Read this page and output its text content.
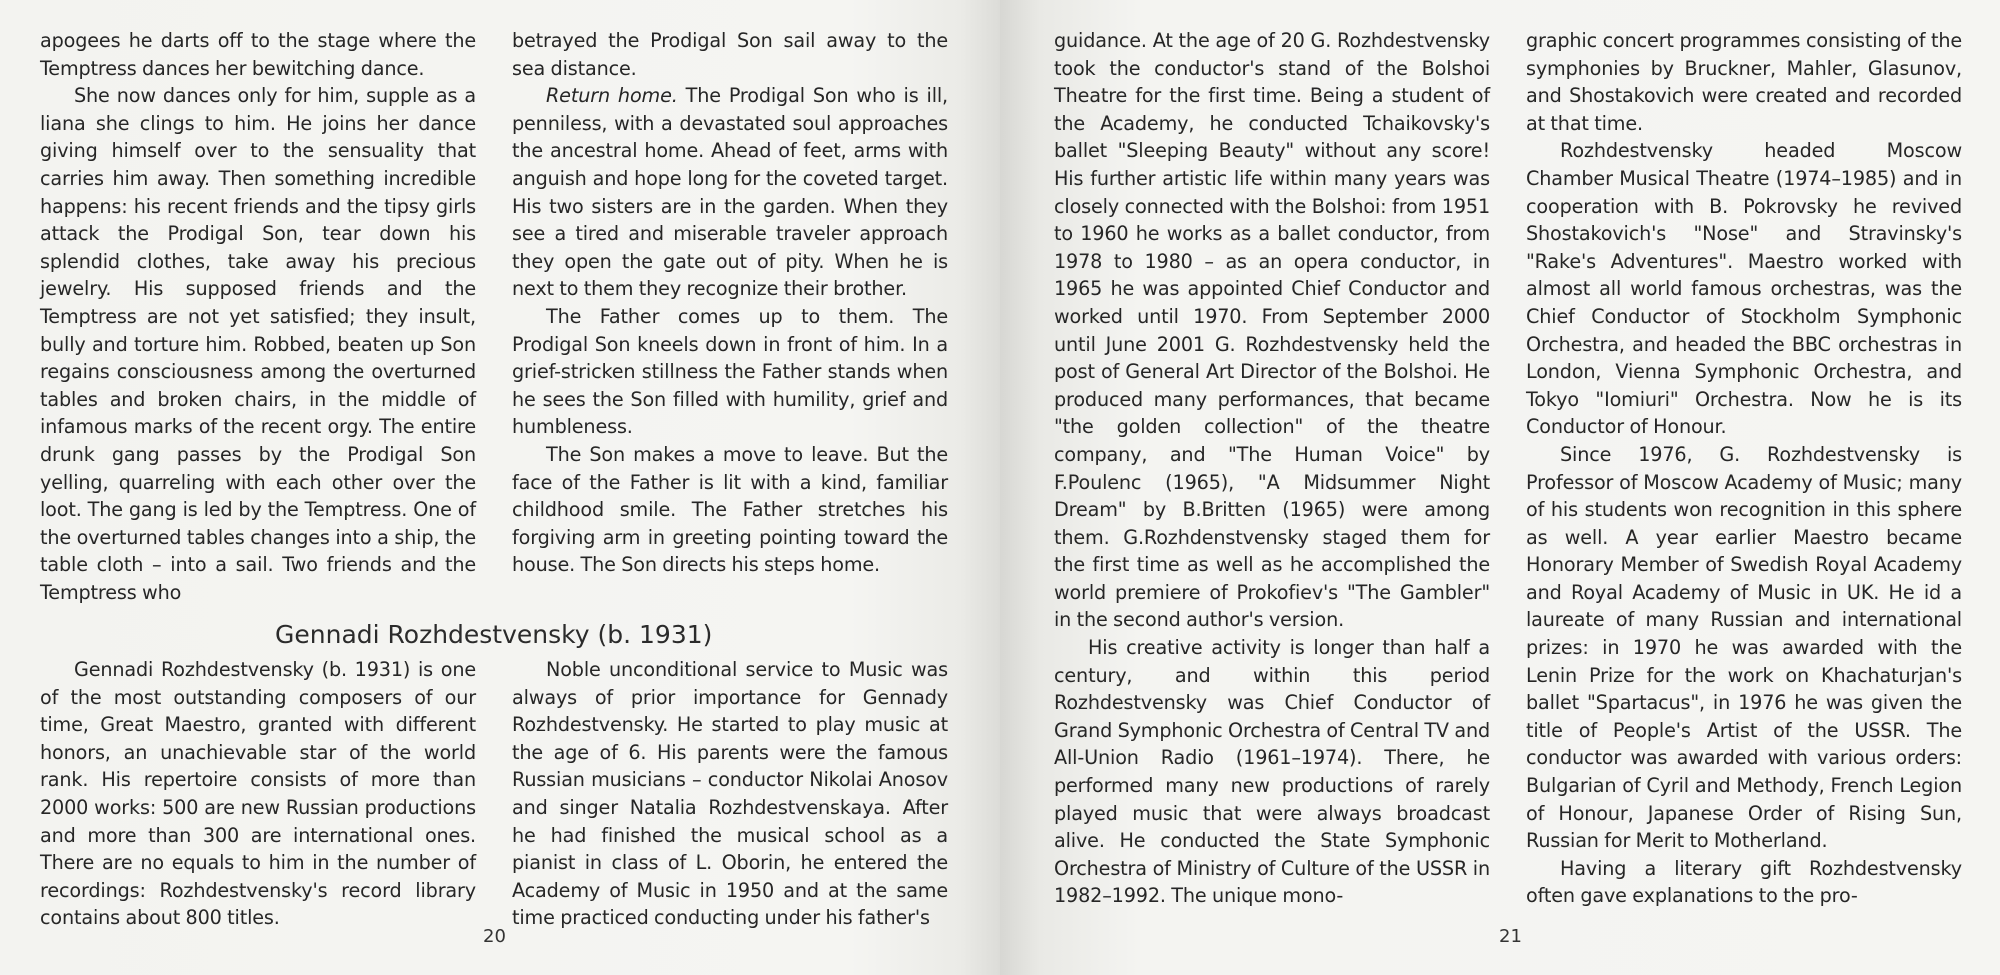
apogees he darts off to the stage where the Temptress dances her bewitching dance.

She now dances only for him, supple as a liana she clings to him. He joins her dance giving himself over to the sensuality that carries him away. Then something incredible happens: his recent friends and the tipsy girls attack the Prodigal Son, tear down his splendid clothes, take away his precious jewelry. His supposed friends and the Temptress are not yet satisfied; they insult, bully and torture him. Robbed, beaten up Son regains consciousness among the overturned tables and broken chairs, in the middle of infamous marks of the recent orgy. The entire drunk gang passes by the Prodigal Son yelling, quarreling with each other over the loot. The gang is led by the Temptress. One of the overturned tables changes into a ship, the table cloth – into a sail. Two friends and the Temptress who

betrayed the Prodigal Son sail away to the sea distance.

Return home. The Prodigal Son who is ill, penniless, with a devastated soul approaches the ancestral home. Ahead of feet, arms with anguish and hope long for the coveted target. His two sisters are in the garden. When they see a tired and miserable traveler approach they open the gate out of pity. When he is next to them they recognize their brother.

The Father comes up to them. The Prodigal Son kneels down in front of him. In a grief-stricken stillness the Father stands when he sees the Son filled with humility, grief and humbleness.

The Son makes a move to leave. But the face of the Father is lit with a kind, familiar childhood smile. The Father stretches his forgiving arm in greeting pointing toward the house. The Son directs his steps home.

Gennadi Rozhdestvensky (b. 1931)

Gennadi Rozhdestvensky (b. 1931) is one of the most outstanding composers of our time, Great Maestro, granted with different honors, an unachievable star of the world rank. His repertoire consists of more than 2000 works: 500 are new Russian productions and more than 300 are international ones. There are no equals to him in the number of recordings: Rozhdestvensky's record library contains about 800 titles.

Noble unconditional service to Music was always of prior importance for Gennady Rozhdestvensky. He started to play music at the age of 6. His parents were the famous Russian musicians – conductor Nikolai Anosov and singer Natalia Rozhdestvenskaya. After he had finished the musical school as a pianist in class of L. Oborin, he entered the Academy of Music in 1950 and at the same time practiced conducting under his father's

20

guidance. At the age of 20 G. Rozhdestvensky took the conductor's stand of the Bolshoi Theatre for the first time. Being a student of the Academy, he conducted Tchaikovsky's ballet "Sleeping Beauty" without any score! His further artistic life within many years was closely connected with the Bolshoi: from 1951 to 1960 he works as a ballet conductor, from 1978 to 1980 – as an opera conductor, in 1965 he was appointed Chief Conductor and worked until 1970. From September 2000 until June 2001 G. Rozhdestvensky held the post of General Art Director of the Bolshoi. He produced many performances, that became "the golden collection" of the theatre company, and "The Human Voice" by F.Poulenc (1965), "A Midsummer Night Dream" by B.Britten (1965) were among them. G.Rozhdenstvensky staged them for the first time as well as he accomplished the world premiere of Prokofiev's "The Gambler" in the second author's version.

His creative activity is longer than half a century, and within this period Rozhdestvensky was Chief Conductor of Grand Symphonic Orchestra of Central TV and All-Union Radio (1961–1974). There, he performed many new productions of rarely played music that were always broadcast alive. He conducted the State Symphonic Orchestra of Ministry of Culture of the USSR in 1982–1992. The unique mono-

graphic concert programmes consisting of the symphonies by Bruckner, Mahler, Glasunov, and Shostakovich were created and recorded at that time.

Rozhdestvensky headed Moscow Chamber Musical Theatre (1974–1985) and in cooperation with B. Pokrovsky he revived Shostakovich's "Nose" and Stravinsky's "Rake's Adventures". Maestro worked with almost all world famous orchestras, was the Chief Conductor of Stockholm Symphonic Orchestra, and headed the BBC orchestras in London, Vienna Symphonic Orchestra, and Tokyo "Iomiuri" Orchestra. Now he is its Conductor of Honour.

Since 1976, G. Rozhdestvensky is Professor of Moscow Academy of Music; many of his students won recognition in this sphere as well. A year earlier Maestro became Honorary Member of Swedish Royal Academy and Royal Academy of Music in UK. He id a laureate of many Russian and international prizes: in 1970 he was awarded with the Lenin Prize for the work on Khachaturjan's ballet "Spartacus", in 1976 he was given the title of People's Artist of the USSR. The conductor was awarded with various orders: Bulgarian of Cyril and Methody, French Legion of Honour, Japanese Order of Rising Sun, Russian for Merit to Motherland.

Having a literary gift Rozhdestvensky often gave explanations to the pro-

21
